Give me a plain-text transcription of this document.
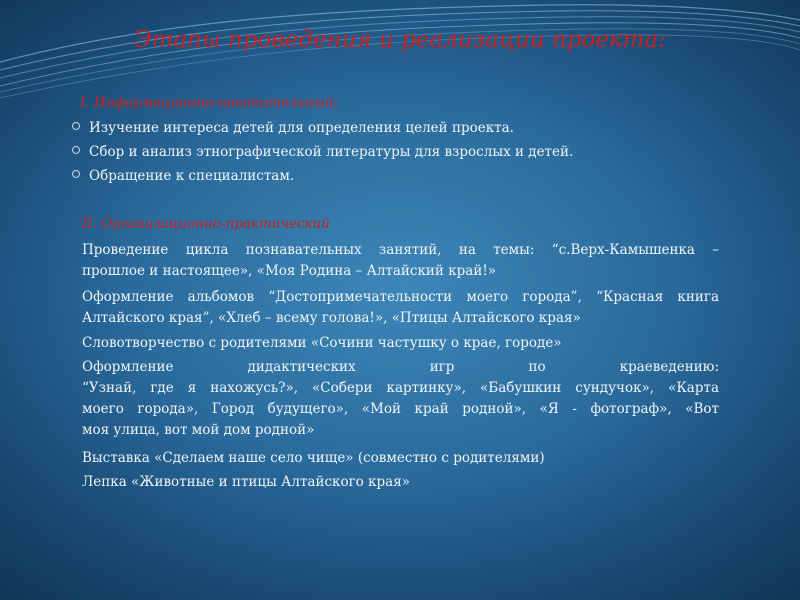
Этапы проведения и реализации проекта:
I. Информационно-накопительный:
Изучение интереса детей для определения целей проекта.
Сбор и анализ этнографической литературы для взрослых и детей.
Обращение к специалистам.
II. Организационно-практический
Проведение цикла познавательных занятий, на темы: “с.Верх-Камышенка –
прошлое и настоящее», «Моя Родина – Алтайский край!»
Оформление альбомов “Достопримечательности моего города”, “Красная книга
Алтайского края”, «Хлеб – всему голова!», «Птицы Алтайского края»
Словотворчество с родителями «Сочини частушку о крае, городе»
Оформление дидактических игр по краеведению:
“Узнай, где я нахожусь?», «Собери картинку», «Бабушкин сундучок», «Карта
моего города», Город будущего», «Мой край родной», «Я - фотограф», «Вот
моя улица, вот мой дом родной»
Выставка «Сделаем наше село чище» (совместно с родителями)
Лепка «Животные и птицы Алтайского края»
